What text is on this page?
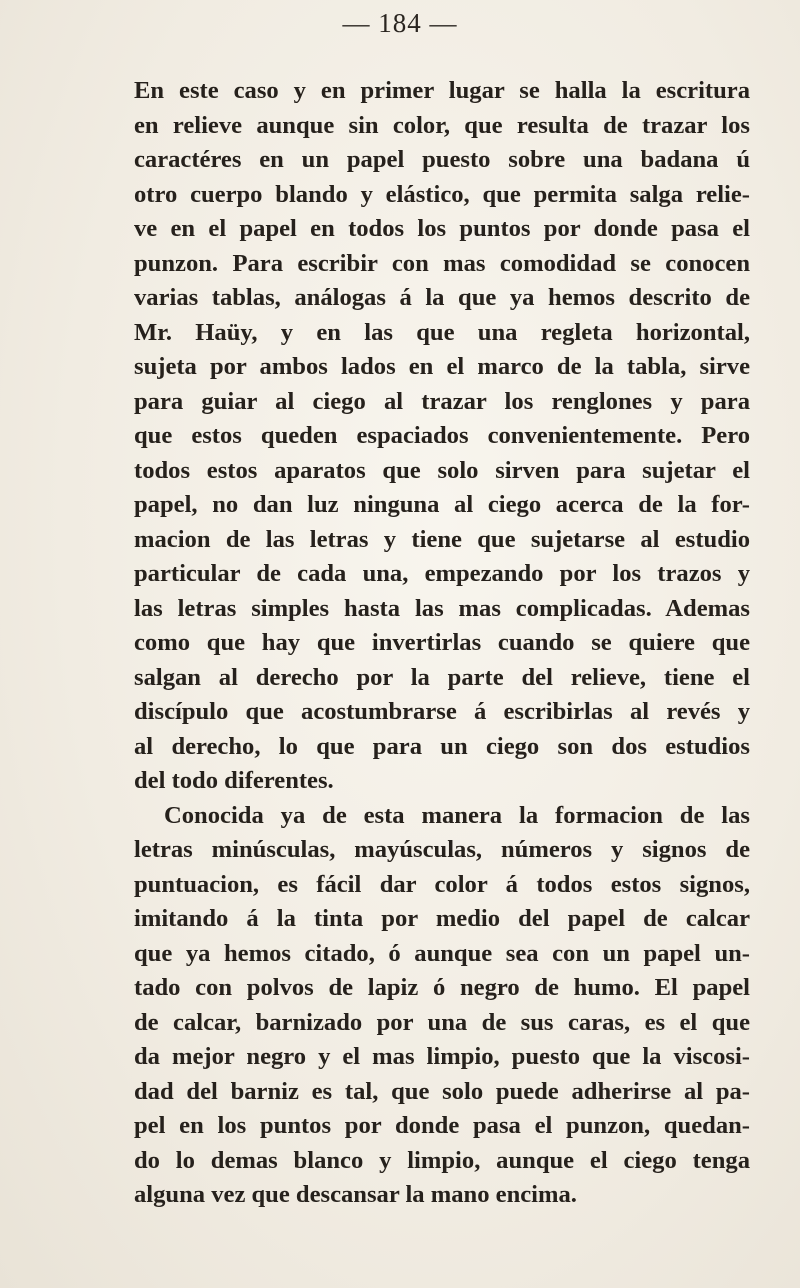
— 184 —
En este caso y en primer lugar se halla la escritura
en relieve aunque sin color, que resulta de trazar los
caractéres en un papel puesto sobre una badana ú
otro cuerpo blando y elástico, que permita salga relie-
ve en el papel en todos los puntos por donde pasa el
punzon. Para escribir con mas comodidad se conocen
varias tablas, análogas á la que ya hemos descrito de
Mr. Haüy, y en las que una regleta horizontal,
sujeta por ambos lados en el marco de la tabla, sirve
para guiar al ciego al trazar los renglones y para
que estos queden espaciados convenientemente. Pero
todos estos aparatos que solo sirven para sujetar el
papel, no dan luz ninguna al ciego acerca de la for-
macion de las letras y tiene que sujetarse al estudio
particular de cada una, empezando por los trazos y
las letras simples hasta las mas complicadas. Ademas
como que hay que invertirlas cuando se quiere que
salgan al derecho por la parte del relieve, tiene el
discípulo que acostumbrarse á escribirlas al revés y
al derecho, lo que para un ciego son dos estudios
del todo diferentes.
Conocida ya de esta manera la formacion de las
letras minúsculas, mayúsculas, números y signos de
puntuacion, es fácil dar color á todos estos signos,
imitando á la tinta por medio del papel de calcar
que ya hemos citado, ó aunque sea con un papel un-
tado con polvos de lapiz ó negro de humo. El papel
de calcar, barnizado por una de sus caras, es el que
da mejor negro y el mas limpio, puesto que la viscosi-
dad del barniz es tal, que solo puede adherirse al pa-
pel en los puntos por donde pasa el punzon, quedan-
do lo demas blanco y limpio, aunque el ciego tenga
alguna vez que descansar la mano encima.
